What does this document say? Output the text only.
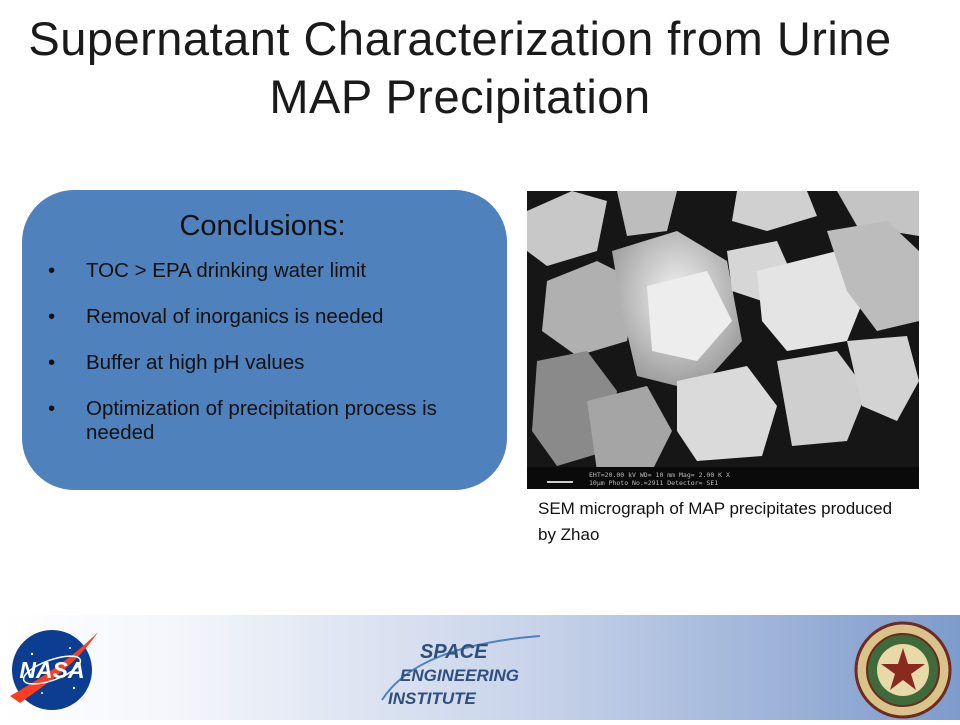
Supernatant Characterization from Urine MAP Precipitation
Conclusions:
• TOC > EPA drinking water limit
• Removal of inorganics is needed
• Buffer at high pH values
• Optimization of precipitation process is needed
EHT=20.00 kV WD= 10 mm Mag= 2.00 K X
10µm Photo No.=2911 Detector= SE1
SEM micrograph of MAP precipitates produced by Zhao
NASA
SPACE
ENGINEERING
INSTITUTE
